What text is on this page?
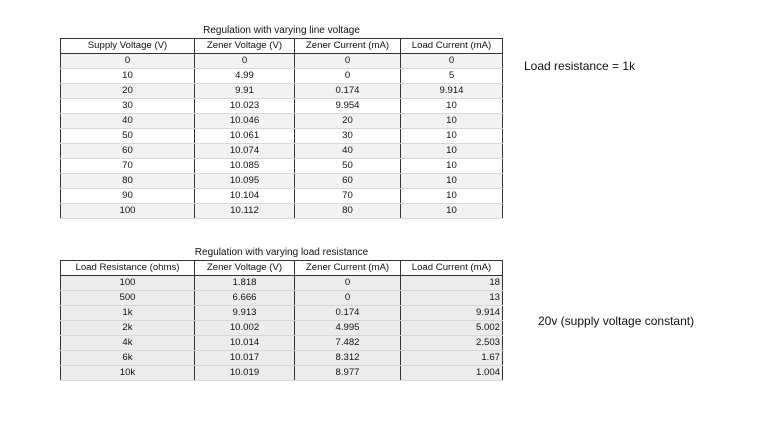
Regulation with varying line voltage			
Supply Voltage (V)	Zener Voltage (V)	Zener Current (mA)	Load Current (mA)
0	0	0	0
10	4.99	0	5
20	9.91	0.174	9.914
30	10.023	9.954	10
40	10.046	20	10
50	10.061	30	10
60	10.074	40	10
70	10.085	50	10
80	10.095	60	10
90	10.104	70	10
100	10.112	80	10
Regulation with varying load resistance			
Load Resistance (ohms)	Zener Voltage (V)	Zener Current (mA)	Load Current (mA)
100	1.818	0	18
500	6.666	0	13
1k	9.913	0.174	9.914
2k	10.002	4.995	5.002
4k	10.014	7.482	2.503
6k	10.017	8.312	1.67
10k	10.019	8.977	1.004
Load resistance = 1k
20v (supply voltage constant)
